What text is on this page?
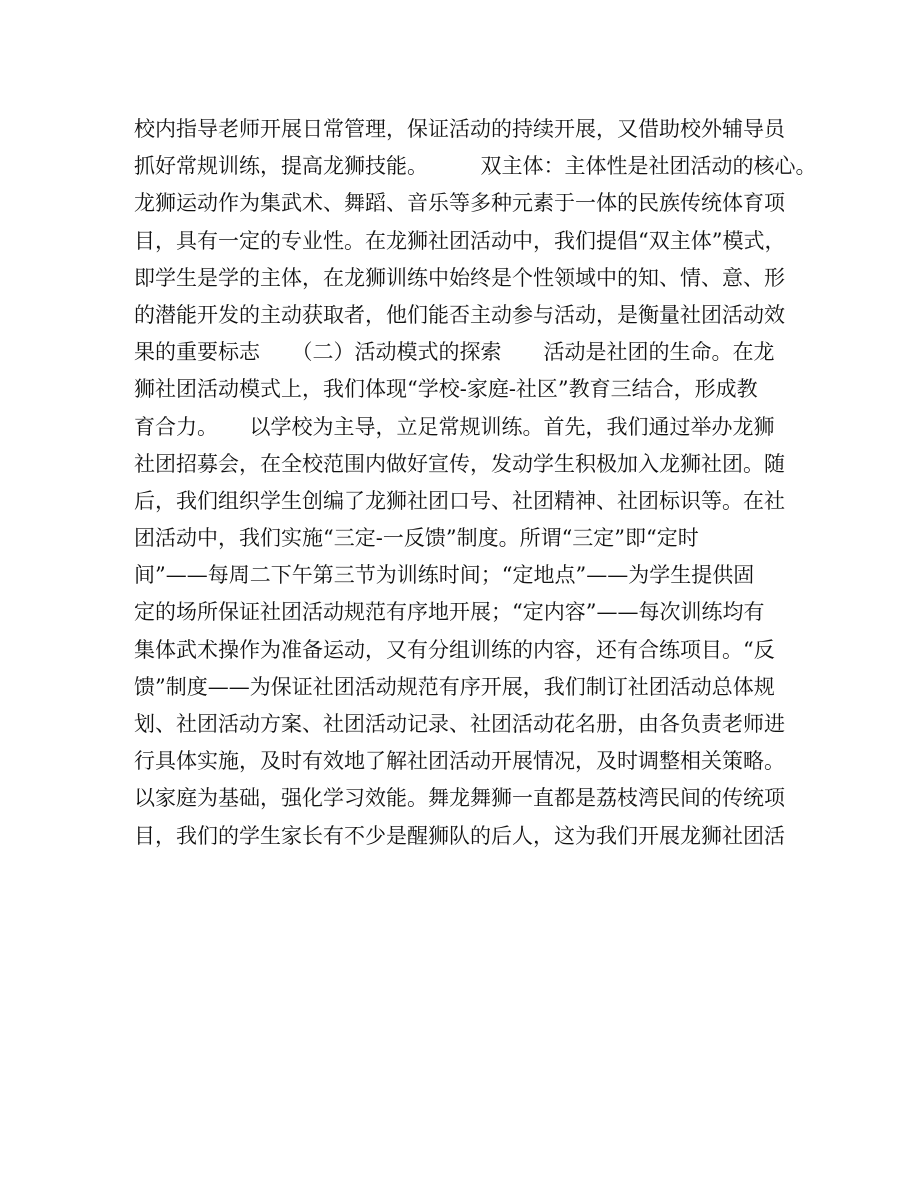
校内指导老师开展日常管理，保证活动的持续开展，又借助校外辅导员
抓好常规训练，提高龙狮技能。　　　双主体：主体性是社团活动的核心。
龙狮运动作为集武术、舞蹈、音乐等多种元素于一体的民族传统体育项
目，具有一定的专业性。在龙狮社团活动中，我们提倡“双主体”模式，
即学生是学的主体，在龙狮训练中始终是个性领域中的知、情、意、形
的潜能开发的主动获取者，他们能否主动参与活动，是衡量社团活动效
果的重要标志　　（二）活动模式的探索　　活动是社团的生命。在龙
狮社团活动模式上，我们体现“学校-家庭-社区”教育三结合，形成教
育合力。　　以学校为主导，立足常规训练。首先，我们通过举办龙狮
社团招募会，在全校范围内做好宣传，发动学生积极加入龙狮社团。随
后，我们组织学生创编了龙狮社团口号、社团精神、社团标识等。在社
团活动中，我们实施“三定-一反馈”制度。所谓“三定”即“定时
间”——每周二下午第三节为训练时间；“定地点”——为学生提供固
定的场所保证社团活动规范有序地开展；“定内容”——每次训练均有
集体武术操作为准备运动，又有分组训练的内容，还有合练项目。“反
馈”制度——为保证社团活动规范有序开展，我们制订社团活动总体规
划、社团活动方案、社团活动记录、社团活动花名册，由各负责老师进
行具体实施，及时有效地了解社团活动开展情况，及时调整相关策略。
以家庭为基础，强化学习效能。舞龙舞狮一直都是荔枝湾民间的传统项
目，我们的学生家长有不少是醒狮队的后人，这为我们开展龙狮社团活
